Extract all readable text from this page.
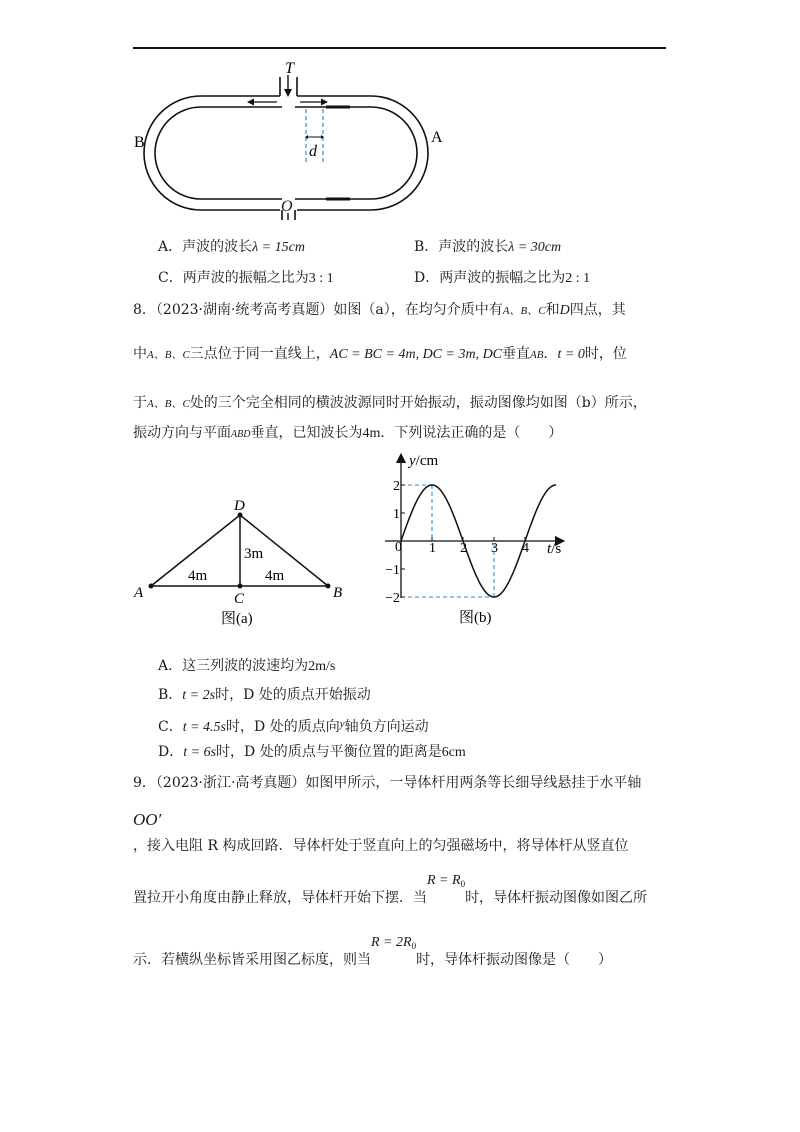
T
B	A
d
O
A．声波的波长λ = 15cm	B．声波的波长λ = 30cm
C．两声波的振幅之比为3 : 1	D．两声波的振幅之比为2 : 1
8．（2023·湖南·统考高考真题）如图（a），在均匀介质中有A、B、C和D四点，其
中A、B、C三点位于同一直线上，AC = BC = 4m, DC = 3m, DC垂直AB．t = 0时，位
于A、B、C处的三个完全相同的横波波源同时开始振动，振动图像均如图（b）所示，
振动方向与平面ABD垂直，已知波长为4m．下列说法正确的是（　　）
D
A	B
C
4m	4m
3m
图(a)
1 2 3 4
2
1
−1
−2
y/cm
t/s
0
图(b)
A．这三列波的波速均为2m/s
B．t = 2s时，D 处的质点开始振动
C．t = 4.5s时，D 处的质点向$^y$轴负方向运动
D．t = 6s时，D 处的质点与平衡位置的距离是6cm
9．（2023·浙江·高考真题）如图甲所示，一导体杆用两条等长细导线悬挂于水平轴
OO′
，接入电阻 R 构成回路．导体杆处于竖直向上的匀强磁场中，将导体杆从竖直位
置拉开小角度由静止释放，导体杆开始下摆．当$R = R_0$时，导体杆振动图像如图乙所
示．若横纵坐标皆采用图乙标度，则当$R = 2R_0$时，导体杆振动图像是（　　）
